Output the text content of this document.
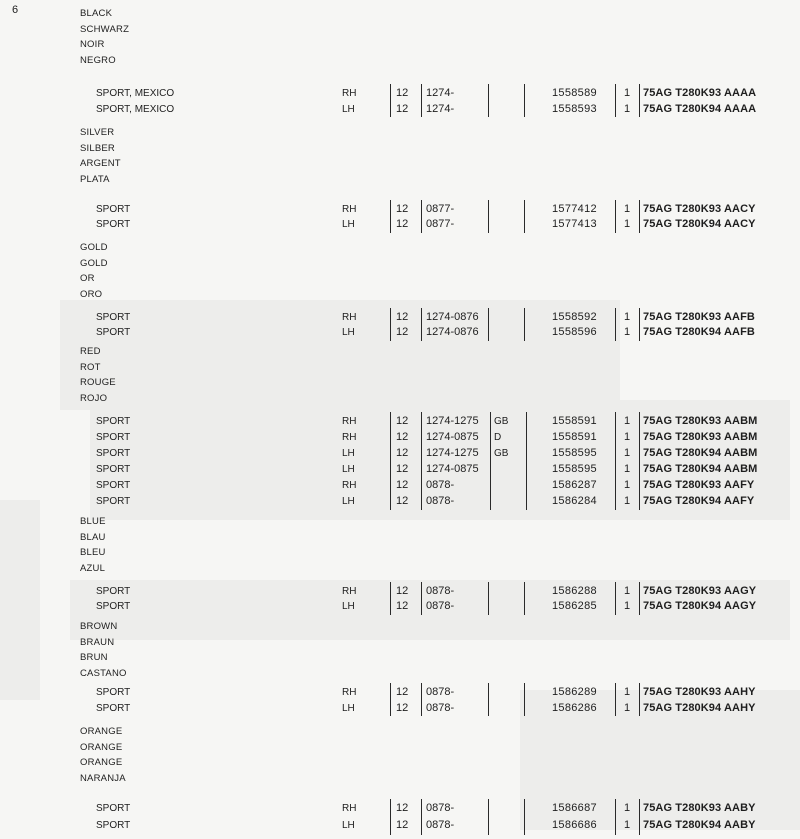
6	BLACK
SCHWARZ
NOIR
NEGRO
SPORT, MEXICO	RH	12 1274-	1558589 1 75AG T280K93 AAAA
SPORT, MEXICO	LH	12 1274-	1558593 1 75AG T280K94 AAAA
SILVER
SILBER
ARGENT
PLATA
SPORT	RH	12 0877-	1577412 1 75AG T280K93 AACY
SPORT	LH	12 0877-	1577413 1 75AG T280K94 AACY
GOLD
GOLD
OR
ORO
SPORT	RH	12 1274-0876	1558592 1 75AG T280K93 AAFB
SPORT	LH	12 1274-0876	1558596 1 75AG T280K94 AAFB
RED
ROT
ROUGE
ROJO
SPORT	RH	12 1274-1275 GB	1558591 1 75AG T280K93 AABM
SPORT	RH	12 1274-0875 D	1558591 1 75AG T280K93 AABM
SPORT	LH	12 1274-1275 GB	1558595 1 75AG T280K94 AABM
SPORT	LH	12 1274-0875	1558595 1 75AG T280K94 AABM
SPORT	RH	12 0878-	1586287 1 75AG T280K93 AAFY
SPORT	LH	12 0878-	1586284 1 75AG T280K94 AAFY
BLUE
BLAU
BLEU
AZUL
SPORT	RH	12 0878-	1586288 1 75AG T280K93 AAGY
SPORT	LH	12 0878-	1586285 1 75AG T280K94 AAGY
BROWN
BRAUN
BRUN
CASTANO
SPORT	RH	12 0878-	1586289 1 75AG T280K93 AAHY
SPORT	LH	12 0878-	1586286 1 75AG T280K94 AAHY
ORANGE
ORANGE
ORANGE
NARANJA
SPORT	RH	12 0878-	1586687 1 75AG T280K93 AABY
SPORT	LH	12 0878-	1586686 1 75AG T280K94 AABY
